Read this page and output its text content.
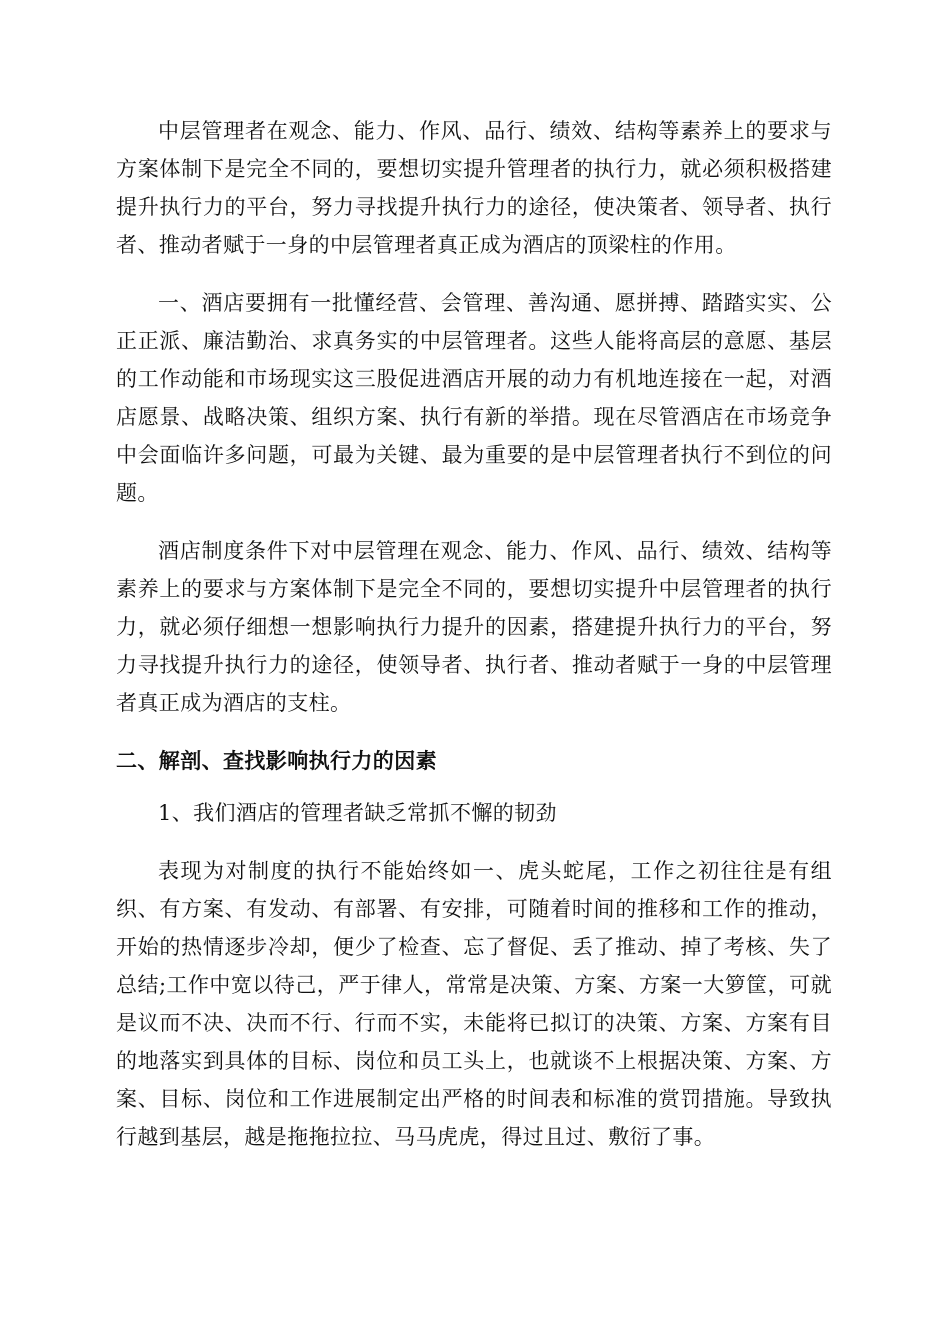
中层管理者在观念、能力、作风、品行、绩效、结构等素养上的要求与方案体制下是完全不同的，要想切实提升管理者的执行力，就必须积极搭建提升执行力的平台，努力寻找提升执行力的途径，使决策者、领导者、执行者、推动者赋于一身的中层管理者真正成为酒店的顶梁柱的作用。

一、酒店要拥有一批懂经营、会管理、善沟通、愿拼搏、踏踏实实、公正正派、廉洁勤治、求真务实的中层管理者。这些人能将高层的意愿、基层的工作动能和市场现实这三股促进酒店开展的动力有机地连接在一起，对酒店愿景、战略决策、组织方案、执行有新的举措。现在尽管酒店在市场竞争中会面临许多问题，可最为关键、最为重要的是中层管理者执行不到位的问题。

酒店制度条件下对中层管理在观念、能力、作风、品行、绩效、结构等素养上的要求与方案体制下是完全不同的，要想切实提升中层管理者的执行力，就必须仔细想一想影响执行力提升的因素，搭建提升执行力的平台，努力寻找提升执行力的途径，使领导者、执行者、推动者赋于一身的中层管理者真正成为酒店的支柱。

二、解剖、查找影响执行力的因素

1、我们酒店的管理者缺乏常抓不懈的韧劲

表现为对制度的执行不能始终如一、虎头蛇尾，工作之初往往是有组织、有方案、有发动、有部署、有安排，可随着时间的推移和工作的推动，开始的热情逐步冷却，便少了检查、忘了督促、丢了推动、掉了考核、失了总结;工作中宽以待己，严于律人，常常是决策、方案、方案一大箩筐，可就是议而不决、决而不行、行而不实，未能将已拟订的决策、方案、方案有目的地落实到具体的目标、岗位和员工头上，也就谈不上根据决策、方案、方案、目标、岗位和工作进展制定出严格的时间表和标准的赏罚措施。导致执行越到基层，越是拖拖拉拉、马马虎虎，得过且过、敷衍了事。
